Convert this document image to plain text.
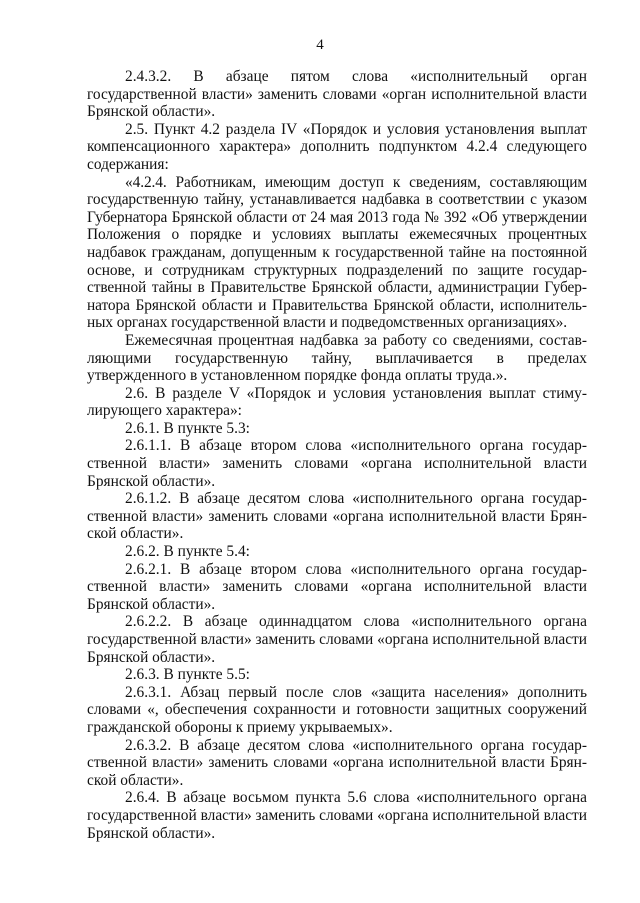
4

2.4.3.2. В абзаце пятом слова «исполнительный орган государственной власти» заменить словами «орган исполнительной власти Брянской области».

2.5. Пункт 4.2 раздела IV «Порядок и условия установления выплат компенсационного характера» дополнить подпунктом 4.2.4 следующего содержания:

«4.2.4. Работникам, имеющим доступ к сведениям, составляющим государственную тайну, устанавливается надбавка в соответствии с указом Губернатора Брянской области от 24 мая 2013 года № 392 «Об утверждении Положения о порядке и условиях выплаты ежемесячных процентных надбавок гражданам, допущенным к государственной тайне на постоянной основе, и сотрудникам структурных подразделений по защите государственной тайны в Правительстве Брянской области, администрации Губернатора Брянской области и Правительства Брянской области, исполнительных органах государственной власти и подведомственных организациях».

Ежемесячная процентная надбавка за работу со сведениями, составляющими государственную тайну, выплачивается в пределах утвержденного в установленном порядке фонда оплаты труда.».

2.6. В разделе V «Порядок и условия установления выплат стимулирующего характера»:

2.6.1. В пункте 5.3:

2.6.1.1. В абзаце втором слова «исполнительного органа государственной власти» заменить словами «органа исполнительной власти Брянской области».

2.6.1.2. В абзаце десятом слова «исполнительного органа государственной власти» заменить словами «органа исполнительной власти Брянской области».

2.6.2. В пункте 5.4:

2.6.2.1. В абзаце втором слова «исполнительного органа государственной власти» заменить словами «органа исполнительной власти Брянской области».

2.6.2.2. В абзаце одиннадцатом слова «исполнительного органа государственной власти» заменить словами «органа исполнительной власти Брянской области».

2.6.3. В пункте 5.5:

2.6.3.1. Абзац первый после слов «защита населения» дополнить словами «, обеспечения сохранности и готовности защитных сооружений гражданской обороны к приему укрываемых».

2.6.3.2. В абзаце десятом слова «исполнительного органа государственной власти» заменить словами «органа исполнительной власти Брянской области».

2.6.4. В абзаце восьмом пункта 5.6 слова «исполнительного органа государственной власти» заменить словами «органа исполнительной власти Брянской области».
